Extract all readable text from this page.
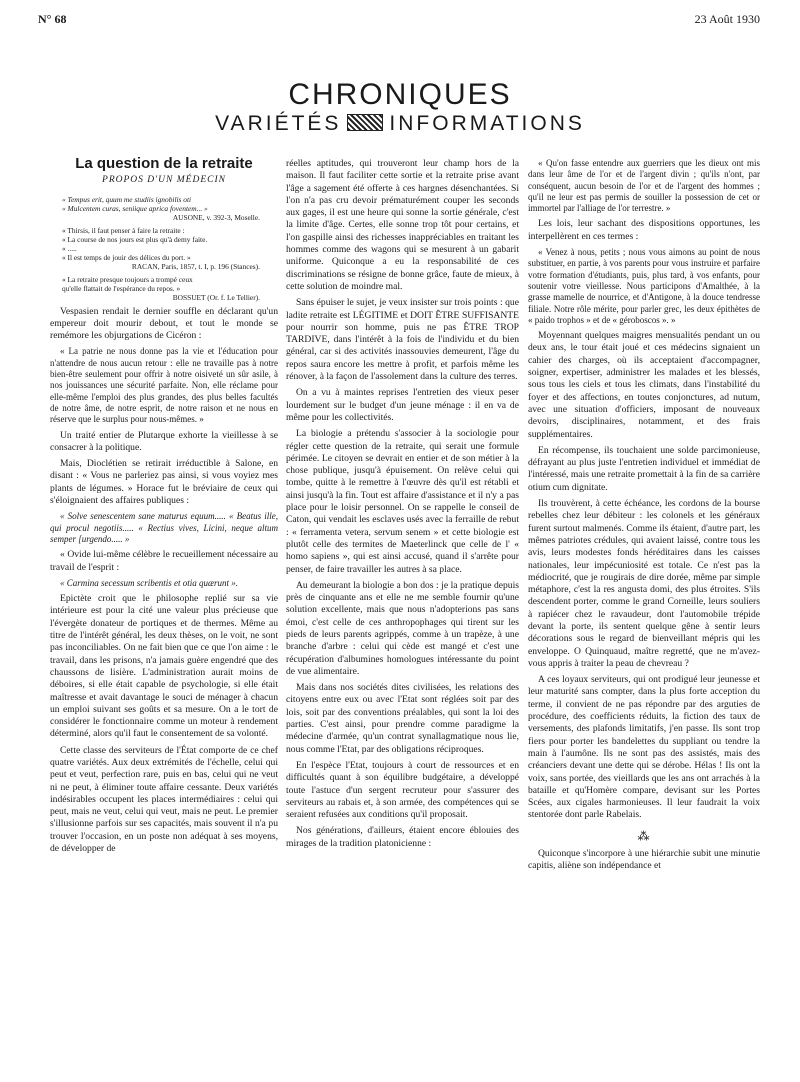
N° 68	23 Août 1930
CHRONIQUES
VARIÉTÉS INFORMATIONS

La question de la retraite

PROPOS D'UN MÉDECIN
« Tempus erit, quum me studiis ignobilis oti
« Mulcentem curas, seniique aprica foventem... »
AUSONE, v. 392-3, Moselle.
« Thirsis, il faut penser à faire la retraite :
« La course de nos jours est plus qu'à demy faite.
« .....
« Il est temps de jouir des délices du port. »
RACAN, Paris, 1857, t. I, p. 196 (Stances).
« La retraite presque toujours a trompé ceux
qu'elle flattait de l'espérance du repos. »
BOSSUET (Or. f. Le Tellier).

Vespasien rendait le dernier souffle en déclarant qu'un empereur doit mourir debout, et tout le monde se remémore les objurgations de Cicéron :

« La patrie ne nous donne pas la vie et l'éducation pour n'attendre de nous aucun retour : elle ne travaille pas à notre bien-être seulement pour offrir à notre oisiveté un sûr asile, à nos jouissances une sécurité parfaite. Non, elle réclame pour elle-même l'emploi des plus grandes, des plus belles facultés de notre âme, de notre esprit, de notre raison et ne nous en réserve que le surplus pour nous-mêmes. »

Un traité entier de Plutarque exhorte la vieillesse à se consacrer à la politique.

Mais, Dioclétien se retirait irréductible à Salone, en disant : « Vous ne parleriez pas ainsi, si vous voyiez mes plants de légumes. » Horace fut le bréviaire de ceux qui s'éloignaient des affaires publiques :

« Solve senescentem sane maturus equum..... « Beatus ille, qui procul negotiis..... « Rectius vives, Licini, neque altum semper [urgendo..... »

« Ovide lui-même célèbre le recueillement nécessaire au travail de l'esprit :

« Carmina secessum scribentis et otia quærunt ».

Epictète croit que le philosophe replié sur sa vie intérieure est pour la cité une valeur plus précieuse que l'évergète donateur de portiques et de thermes. Même au titre de l'intérêt général, les deux thèses, on le voit, ne sont pas inconciliables. On ne fait bien que ce que l'on aime : le travail, dans les prisons, n'a jamais guère engendré que des chaussons de lisière. L'administration aurait moins de déboires, si elle était capable de psychologie, si elle était maîtresse et avait davantage le souci de ménager à chacun un emploi suivant ses goûts et sa mesure. On a le tort de considérer le fonctionnaire comme un moteur à rendement déterminé, alors qu'il faut le consentement de sa volonté.

Cette classe des serviteurs de l'État comporte de ce chef quatre variétés. Aux deux extrémités de l'échelle, celui qui peut et veut, perfection rare, puis en bas, celui qui ne veut ni ne peut, à éliminer toute affaire cessante. Deux variétés indésirables occupent les places intermédiaires : celui qui peut, mais ne veut, celui qui veut, mais ne peut. Le premier s'illusionne parfois sur ses capacités, mais souvent il n'a pu trouver l'occasion, en un poste non adéquat à ses moyens, de développer de

réelles aptitudes, qui trouveront leur champ hors de la maison. Il faut faciliter cette sortie et la retraite prise avant l'âge a sagement été offerte à ces hargnes désenchantées. Si l'on n'a pas cru devoir prématurément couper les seconds aux gages, il est une heure qui sonne la sortie générale, c'est la limite d'âge. Certes, elle sonne trop tôt pour certains, et l'on gaspille ainsi des richesses inappréciables en traitant les hommes comme des wagons qui se mesurent à un gabarit uniforme. Quiconque a eu la responsabilité de ces discriminations se résigne de bonne grâce, faute de mieux, à cette solution de moindre mal.

Sans épuiser le sujet, je veux insister sur trois points : que ladite retraite est LÉGITIME et DOIT ÊTRE SUFFISANTE pour nourrir son homme, puis ne pas ÊTRE TROP TARDIVE, dans l'intérêt à la fois de l'individu et du bien général, car si des activités inassouvies demeurent, l'âge du repos saura encore les mettre à profit, et parfois même les rénover, à la façon de l'assolement dans la culture des terres.

On a vu à maintes reprises l'entretien des vieux peser lourdement sur le budget d'un jeune ménage : il en va de même pour les collectivités.

La biologie a prétendu s'associer à la sociologie pour régler cette question de la retraite, qui serait une formule périmée. Le citoyen se devrait en entier et de son métier à la chose publique, jusqu'à épuisement. On relève celui qui tombe, quitte à le remettre à l'œuvre dès qu'il est rétabli et ainsi jusqu'à la fin. Tout est affaire d'assistance et il n'y a pas place pour le loisir personnel. On se rappelle le conseil de Caton, qui vendait les esclaves usés avec la ferraille de rebut : « ferramenta vetera, servum senem » et cette biologie est plutôt celle des termites de Maeterlinck que celle de l' « homo sapiens », qui est ainsi accusé, quand il s'arrête pour penser, de faire travailler les autres à sa place.

Au demeurant la biologie a bon dos : je la pratique depuis près de cinquante ans et elle ne me semble fournir qu'une solution excellente, mais que nous n'adopterions pas sans émoi, c'est celle de ces anthropophages qui tirent sur les pieds de leurs parents agrippés, comme à un trapèze, à une branche d'arbre : celui qui cède est mangé et c'est une récupération d'albumines homologues intéressante du point de vue alimentaire.

Mais dans nos sociétés dites civilisées, les relations des citoyens entre eux ou avec l'Etat sont réglées soit par des lois, soit par des conventions préalables, qui sont la loi des parties. C'est ainsi, pour prendre comme paradigme la médecine d'armée, qu'un contrat synallagmatique nous lie, nous comme l'Etat, par des obligations réciproques.

En l'espèce l'Etat, toujours à court de ressources et en difficultés quant à son équilibre budgétaire, a développé toute l'astuce d'un sergent recruteur pour s'assurer des serviteurs au rabais et, à son armée, des compétences qui se seraient refusées aux conditions qu'il proposait.

Nos générations, d'ailleurs, étaient encore éblouies des mirages de la tradition platonicienne :

« Qu'on fasse entendre aux guerriers que les dieux ont mis dans leur âme de l'or et de l'argent divin ; qu'ils n'ont, par conséquent, aucun besoin de l'or et de l'argent des hommes ; qu'il ne leur est pas permis de souiller la possession de cet or immortel par l'alliage de l'or terrestre. »

Les lois, leur sachant des dispositions opportunes, les interpellèrent en ces termes :

« Venez à nous, petits ; nous vous aimons au point de nous substituer, en partie, à vos parents pour vous instruire et parfaire votre formation d'étudiants, puis, plus tard, à vos enfants, pour soutenir votre vieillesse. Nous participons d'Amalthée, à la grasse mamelle de nourrice, et d'Antigone, à la douce tendresse filiale. Notre rôle mérite, pour parler grec, les deux épithètes de « paido trophos » et de « géroboscos ». »

Moyennant quelques maigres mensualités pendant un ou deux ans, le tour était joué et ces médecins signaient un cahier des charges, où ils acceptaient d'accompagner, soigner, expertiser, administrer les malades et les blessés, sous tous les ciels et tous les climats, dans l'instabilité du foyer et des affections, en toutes conjonctures, ad nutum, avec une situation d'officiers, imposant de nouveaux devoirs, disciplinaires, notamment, et des frais supplémentaires.

En récompense, ils touchaient une solde parcimonieuse, défrayant au plus juste l'entretien individuel et immédiat de l'intéressé, mais une retraite promettait à la fin de sa carrière otium cum dignitate.

Ils trouvèrent, à cette échéance, les cordons de la bourse rebelles chez leur débiteur : les colonels et les généraux furent surtout malmenés. Comme ils étaient, d'autre part, les mêmes patriotes crédules, qui avaient laissé, contre tous les avis, leurs modestes fonds héréditaires dans les caisses nationales, leur impécuniosité est totale. Ce n'est pas la médiocrité, que je rougirais de dire dorée, même par simple métaphore, c'est la res angusta domi, des plus étroites. S'ils descendent porter, comme le grand Corneille, leurs souliers à rapiécer chez le ravaudeur, dont l'automobile trépide devant la porte, ils sentent quelque gêne à sentir leurs décorations sous le regard de bienveillant mépris qui les enveloppe. O Quinquaud, maître regretté, que ne m'avez-vous appris à traiter la peau de chevreau ?

A ces loyaux serviteurs, qui ont prodigué leur jeunesse et leur maturité sans compter, dans la plus forte acception du terme, il convient de ne pas répondre par des arguties de procédure, des coefficients réduits, la fiction des taux de versements, des plafonds limitatifs, j'en passe. Ils sont trop fiers pour porter les bandelettes du suppliant ou tendre la main à l'aumône. Ils ne sont pas des assistés, mais des créanciers devant une dette qui se dérobe. Hélas ! Ils ont la voix, sans portée, des vieillards que les ans ont arrachés à la bataille et qu'Homère compare, devisant sur les Portes Scées, aux cigales harmonieuses. Il leur faudrait la voix stentorée dont parle Rabelais.

⁂

Quiconque s'incorpore à une hiérarchie subit une minutie capitis, aliène son indépendance et
